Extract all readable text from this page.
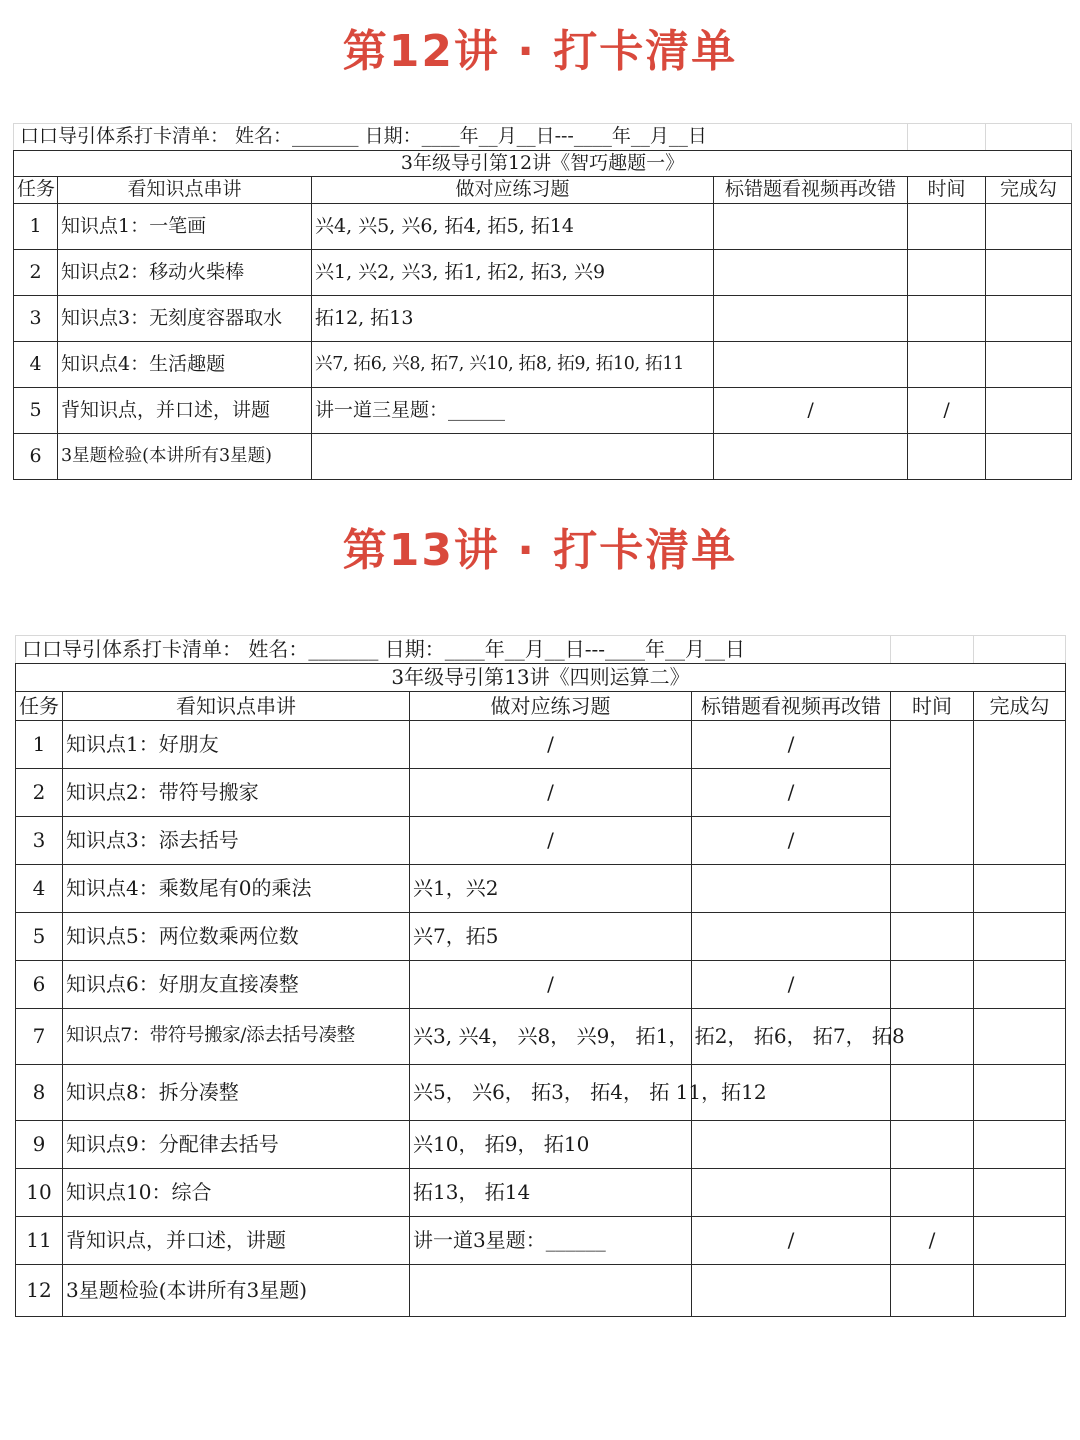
第12讲 · 打卡清单
口口导引体系打卡清单： 姓名：_______ 日期：____年__月__日---____年__月__日					
3年级导引第12讲《智巧趣题一》					
任务	看知识点串讲	做对应练习题	标错题看视频再改错	时间	完成勾
1	知识点1：一笔画	兴4, 兴5, 兴6, 拓4, 拓5, 拓14			
2	知识点2：移动火柴棒	兴1, 兴2, 兴3, 拓1, 拓2, 拓3, 兴9			
3	知识点3：无刻度容器取水	拓12, 拓13			
4	知识点4：生活趣题	兴7, 拓6, 兴8, 拓7, 兴10, 拓8, 拓9, 拓10, 拓11			
5	背知识点，并口述，讲题	讲一道三星题：______	/	/	
6	3星题检验(本讲所有3星题)				
第13讲 · 打卡清单
口口导引体系打卡清单： 姓名：_______ 日期：____年__月__日---____年__月__日					
3年级导引第13讲《四则运算二》					
任务	看知识点串讲	做对应练习题	标错题看视频再改错	时间	完成勾
1	知识点1：好朋友	/	/		
2	知识点2：带符号搬家	/	/		
3	知识点3：添去括号	/	/		
4	知识点4：乘数尾有0的乘法	兴1，兴2			
5	知识点5：两位数乘两位数	兴7，拓5			
6	知识点6：好朋友直接凑整	/	/		
7	知识点7：带符号搬家/添去括号凑整	兴3, 兴4， 兴8， 兴9， 拓1， 拓2， 拓6， 拓7， 拓8			
8	知识点8：拆分凑整	兴5， 兴6， 拓3， 拓4， 拓 11，拓12			
9	知识点9：分配律去括号	兴10， 拓9， 拓10			
10	知识点10：综合	拓13， 拓14			
11	背知识点，并口述，讲题	讲一道3星题：______	/	/	
12	3星题检验(本讲所有3星题)				
